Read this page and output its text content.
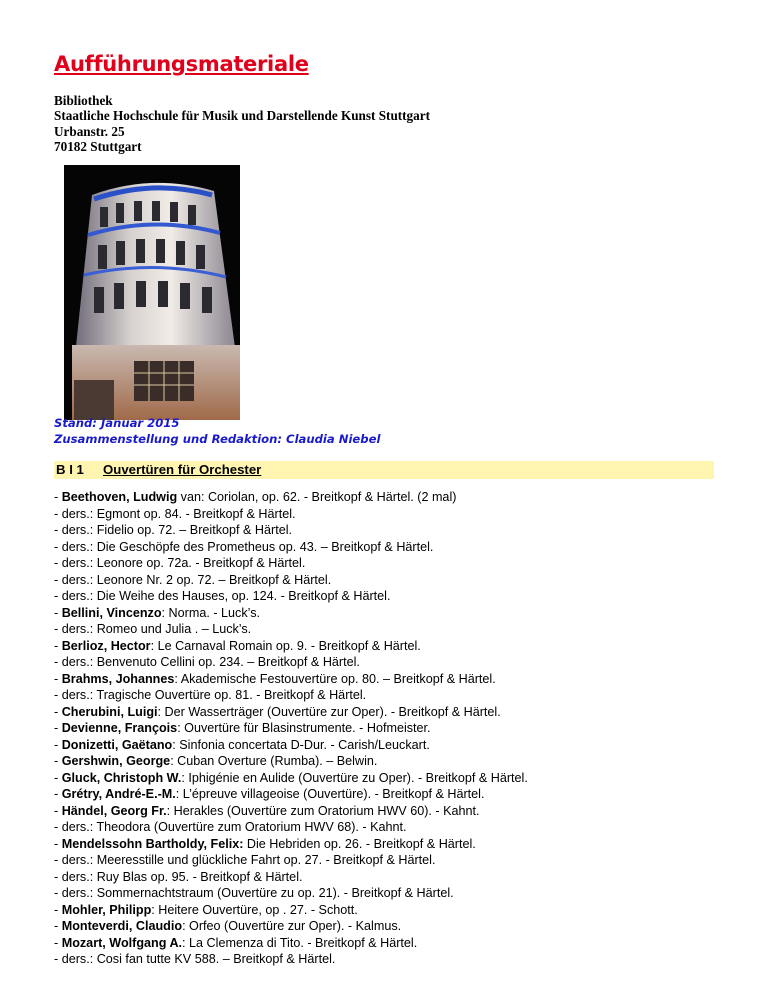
Aufführungsmateriale
Bibliothek
Staatliche Hochschule für Musik und Darstellende Kunst Stuttgart
Urbanstr. 25
70182 Stuttgart
Stand: Januar 2015
Zusammenstellung und Redaktion: Claudia Niebel
B I 1 Ouvertüren für Orchester
- Beethoven, Ludwig van: Coriolan, op. 62. - Breitkopf & Härtel. (2 mal)
- ders.: Egmont op. 84. - Breitkopf & Härtel.
- ders.: Fidelio op. 72. – Breitkopf & Härtel.
- ders.: Die Geschöpfe des Prometheus op. 43. – Breitkopf & Härtel.
- ders.: Leonore op. 72a. - Breitkopf & Härtel.
- ders.: Leonore Nr. 2 op. 72. – Breitkopf & Härtel.
- ders.: Die Weihe des Hauses, op. 124. - Breitkopf & Härtel.
- Bellini, Vincenzo: Norma. - Luck’s.
- ders.: Romeo und Julia . – Luck’s.
- Berlioz, Hector: Le Carnaval Romain op. 9. - Breitkopf & Härtel.
- ders.: Benvenuto Cellini op. 234. – Breitkopf & Härtel.
- Brahms, Johannes: Akademische Festouvertüre op. 80. – Breitkopf & Härtel.
- ders.: Tragische Ouvertüre op. 81. - Breitkopf & Härtel.
- Cherubini, Luigi: Der Wasserträger (Ouvertüre zur Oper). - Breitkopf & Härtel.
- Devienne, François: Ouvertüre für Blasinstrumente. - Hofmeister.
- Donizetti, Gaëtano: Sinfonia concertata D-Dur. - Carish/Leuckart.
- Gershwin, George: Cuban Overture (Rumba). – Belwin.
- Gluck, Christoph W.: Iphigénie en Aulide (Ouvertüre zu Oper). - Breitkopf & Härtel.
- Grétry, André-E.-M.: L’épreuve villageoise (Ouvertüre). - Breitkopf & Härtel.
- Händel, Georg Fr.: Herakles (Ouvertüre zum Oratorium HWV 60). - Kahnt.
- ders.: Theodora (Ouvertüre zum Oratorium HWV 68). - Kahnt.
- Mendelssohn Bartholdy, Felix: Die Hebriden op. 26. - Breitkopf & Härtel.
- ders.: Meeresstille und glückliche Fahrt op. 27. - Breitkopf & Härtel.
- ders.: Ruy Blas op. 95. - Breitkopf & Härtel.
- ders.: Sommernachtstraum (Ouvertüre zu op. 21). - Breitkopf & Härtel.
- Mohler, Philipp: Heitere Ouvertüre, op . 27. - Schott.
- Monteverdi, Claudio: Orfeo (Ouvertüre zur Oper). - Kalmus.
- Mozart, Wolfgang A.: La Clemenza di Tito. - Breitkopf & Härtel.
- ders.: Cosi fan tutte KV 588. – Breitkopf & Härtel.
